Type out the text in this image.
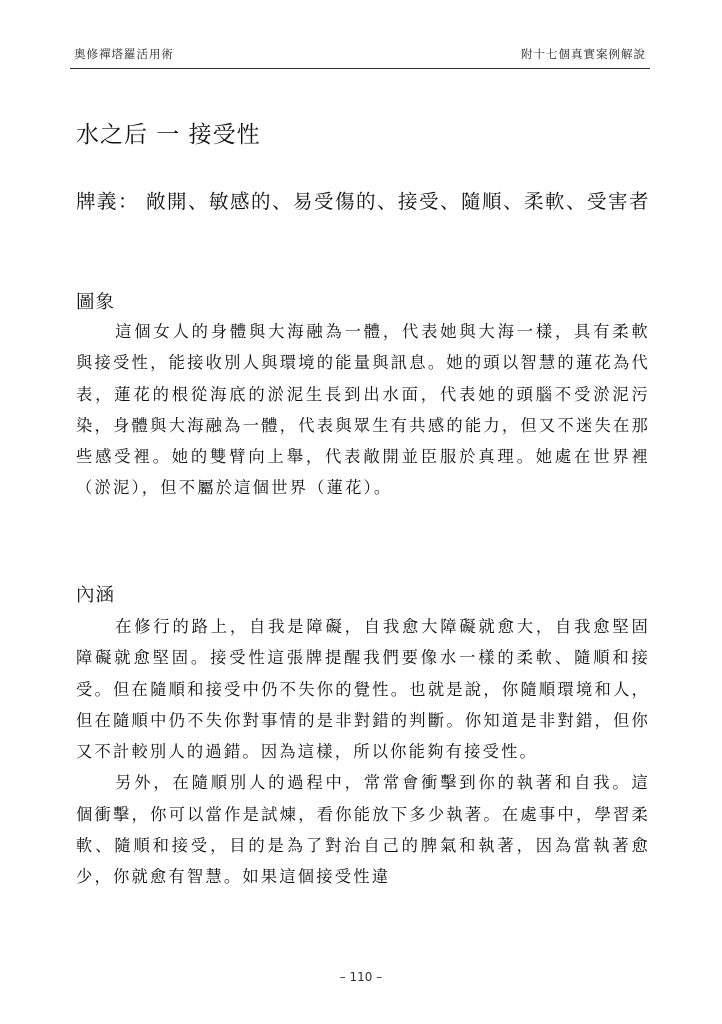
奧修禪塔羅活用術	附十七個真實案例解說
水之后 一 接受性
牌義： 敞開、敏感的、易受傷的、接受、隨順、柔軟、受害者
圖象

這個女人的身體與大海融為一體，代表她與大海一樣，具有柔軟與接受性，能接收別人與環境的能量與訊息。她的頭以智慧的蓮花為代表，蓮花的根從海底的淤泥生長到出水面，代表她的頭腦不受淤泥污染，身體與大海融為一體，代表與眾生有共感的能力，但又不迷失在那些感受裡。她的雙臂向上舉，代表敞開並臣服於真理。她處在世界裡（淤泥），但不屬於這個世界（蓮花）。

內涵

在修行的路上，自我是障礙，自我愈大障礙就愈大，自我愈堅固障礙就愈堅固。接受性這張牌提醒我們要像水一樣的柔軟、隨順和接受。但在隨順和接受中仍不失你的覺性。也就是說，你隨順環境和人，但在隨順中仍不失你對事情的是非對錯的判斷。你知道是非對錯，但你又不計較別人的過錯。因為這樣，所以你能夠有接受性。

另外，在隨順別人的過程中，常常會衝擊到你的執著和自我。這個衝擊，你可以當作是試煉，看你能放下多少執著。在處事中，學習柔軟、隨順和接受，目的是為了對治自己的脾氣和執著，因為當執著愈少，你就愈有智慧。如果這個接受性違

– 110 –
